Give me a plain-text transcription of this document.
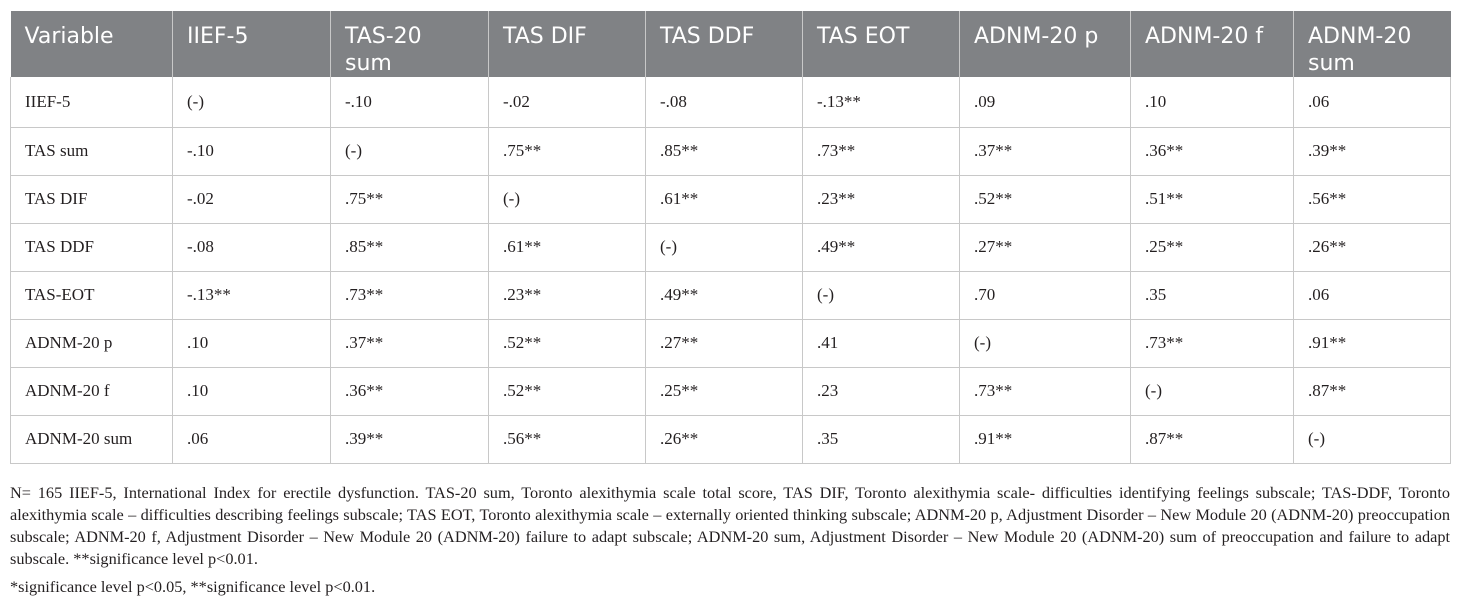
Variable	IIEF-5	TAS-20 sum	TAS DIF	TAS DDF	TAS EOT	ADNM-20 p	ADNM-20 f	ADNM-20 sum
IIEF-5	(-)	-.10	-.02	-.08	-.13**	.09	.10	.06
TAS sum	-.10	(-)	.75**	.85**	.73**	.37**	.36**	.39**
TAS DIF	-.02	.75**	(-)	.61**	.23**	.52**	.51**	.56**
TAS DDF	-.08	.85**	.61**	(-)	.49**	.27**	.25**	.26**
TAS-EOT	-.13**	.73**	.23**	.49**	(-)	.70	.35	.06
ADNM-20 p	.10	.37**	.52**	.27**	.41	(-)	.73**	.91**
ADNM-20 f	.10	.36**	.52**	.25**	.23	.73**	(-)	.87**
ADNM-20 sum	.06	.39**	.56**	.26**	.35	.91**	.87**	(-)

N= 165 IIEF-5, International Index for erectile dysfunction. TAS-20 sum, Toronto alexithymia scale total score, TAS DIF, Toronto alexithymia scale- difficulties identifying feelings subscale; TAS-DDF, Toronto alexithymia scale – difficulties describing feelings subscale; TAS EOT, Toronto alexithymia scale – externally oriented thinking subscale; ADNM-20 p, Adjustment Disorder – New Module 20 (ADNM-20) preoccupation subscale; ADNM-20 f, Adjustment Disorder – New Module 20 (ADNM-20) failure to adapt subscale; ADNM-20 sum, Adjustment Disorder – New Module 20 (ADNM-20) sum of preoccupation and failure to adapt subscale. **significance level p<0.01.

*significance level p<0.05, **significance level p<0.01.
